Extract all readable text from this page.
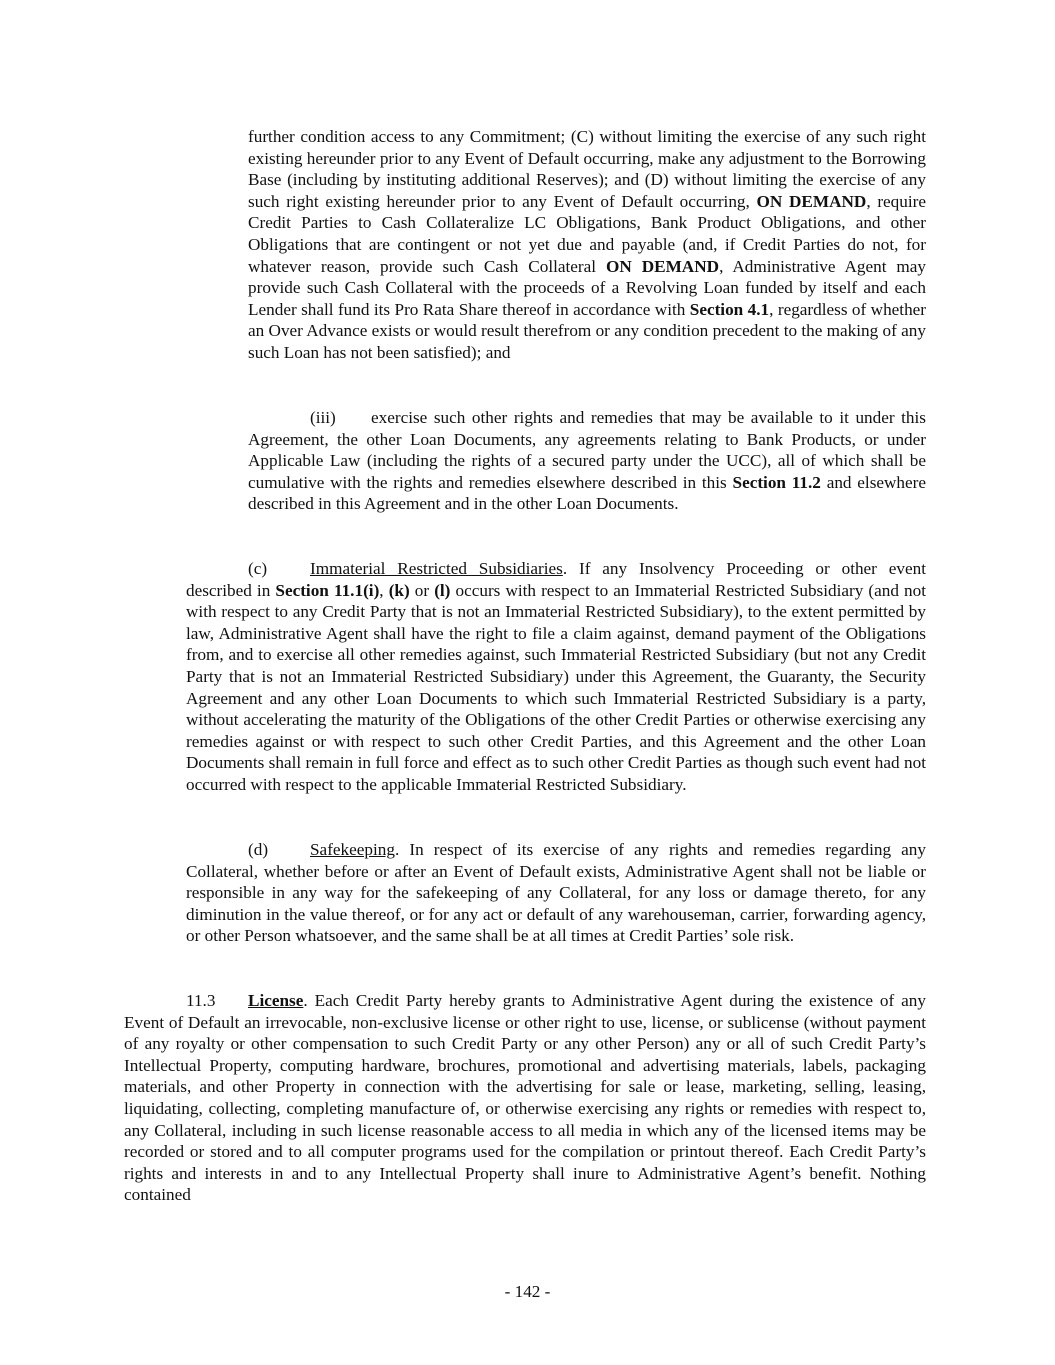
further condition access to any Commitment; (C) without limiting the exercise of any such right existing hereunder prior to any Event of Default occurring, make any adjustment to the Borrowing Base (including by instituting additional Reserves); and (D) without limiting the exercise of any such right existing hereunder prior to any Event of Default occurring, ON DEMAND, require Credit Parties to Cash Collateralize LC Obligations, Bank Product Obligations, and other Obligations that are contingent or not yet due and payable (and, if Credit Parties do not, for whatever reason, provide such Cash Collateral ON DEMAND, Administrative Agent may provide such Cash Collateral with the proceeds of a Revolving Loan funded by itself and each Lender shall fund its Pro Rata Share thereof in accordance with Section 4.1, regardless of whether an Over Advance exists or would result therefrom or any condition precedent to the making of any such Loan has not been satisfied); and

(iii) exercise such other rights and remedies that may be available to it under this Agreement, the other Loan Documents, any agreements relating to Bank Products, or under Applicable Law (including the rights of a secured party under the UCC), all of which shall be cumulative with the rights and remedies elsewhere described in this Section 11.2 and elsewhere described in this Agreement and in the other Loan Documents.

(c) Immaterial Restricted Subsidiaries. If any Insolvency Proceeding or other event described in Section 11.1(i), (k) or (l) occurs with respect to an Immaterial Restricted Subsidiary (and not with respect to any Credit Party that is not an Immaterial Restricted Subsidiary), to the extent permitted by law, Administrative Agent shall have the right to file a claim against, demand payment of the Obligations from, and to exercise all other remedies against, such Immaterial Restricted Subsidiary (but not any Credit Party that is not an Immaterial Restricted Subsidiary) under this Agreement, the Guaranty, the Security Agreement and any other Loan Documents to which such Immaterial Restricted Subsidiary is a party, without accelerating the maturity of the Obligations of the other Credit Parties or otherwise exercising any remedies against or with respect to such other Credit Parties, and this Agreement and the other Loan Documents shall remain in full force and effect as to such other Credit Parties as though such event had not occurred with respect to the applicable Immaterial Restricted Subsidiary.

(d) Safekeeping. In respect of its exercise of any rights and remedies regarding any Collateral, whether before or after an Event of Default exists, Administrative Agent shall not be liable or responsible in any way for the safekeeping of any Collateral, for any loss or damage thereto, for any diminution in the value thereof, or for any act or default of any warehouseman, carrier, forwarding agency, or other Person whatsoever, and the same shall be at all times at Credit Parties’ sole risk.

11.3 License. Each Credit Party hereby grants to Administrative Agent during the existence of any Event of Default an irrevocable, non-exclusive license or other right to use, license, or sublicense (without payment of any royalty or other compensation to such Credit Party or any other Person) any or all of such Credit Party’s Intellectual Property, computing hardware, brochures, promotional and advertising materials, labels, packaging materials, and other Property in connection with the advertising for sale or lease, marketing, selling, leasing, liquidating, collecting, completing manufacture of, or otherwise exercising any rights or remedies with respect to, any Collateral, including in such license reasonable access to all media in which any of the licensed items may be recorded or stored and to all computer programs used for the compilation or printout thereof. Each Credit Party’s rights and interests in and to any Intellectual Property shall inure to Administrative Agent’s benefit. Nothing contained

- 142 -
